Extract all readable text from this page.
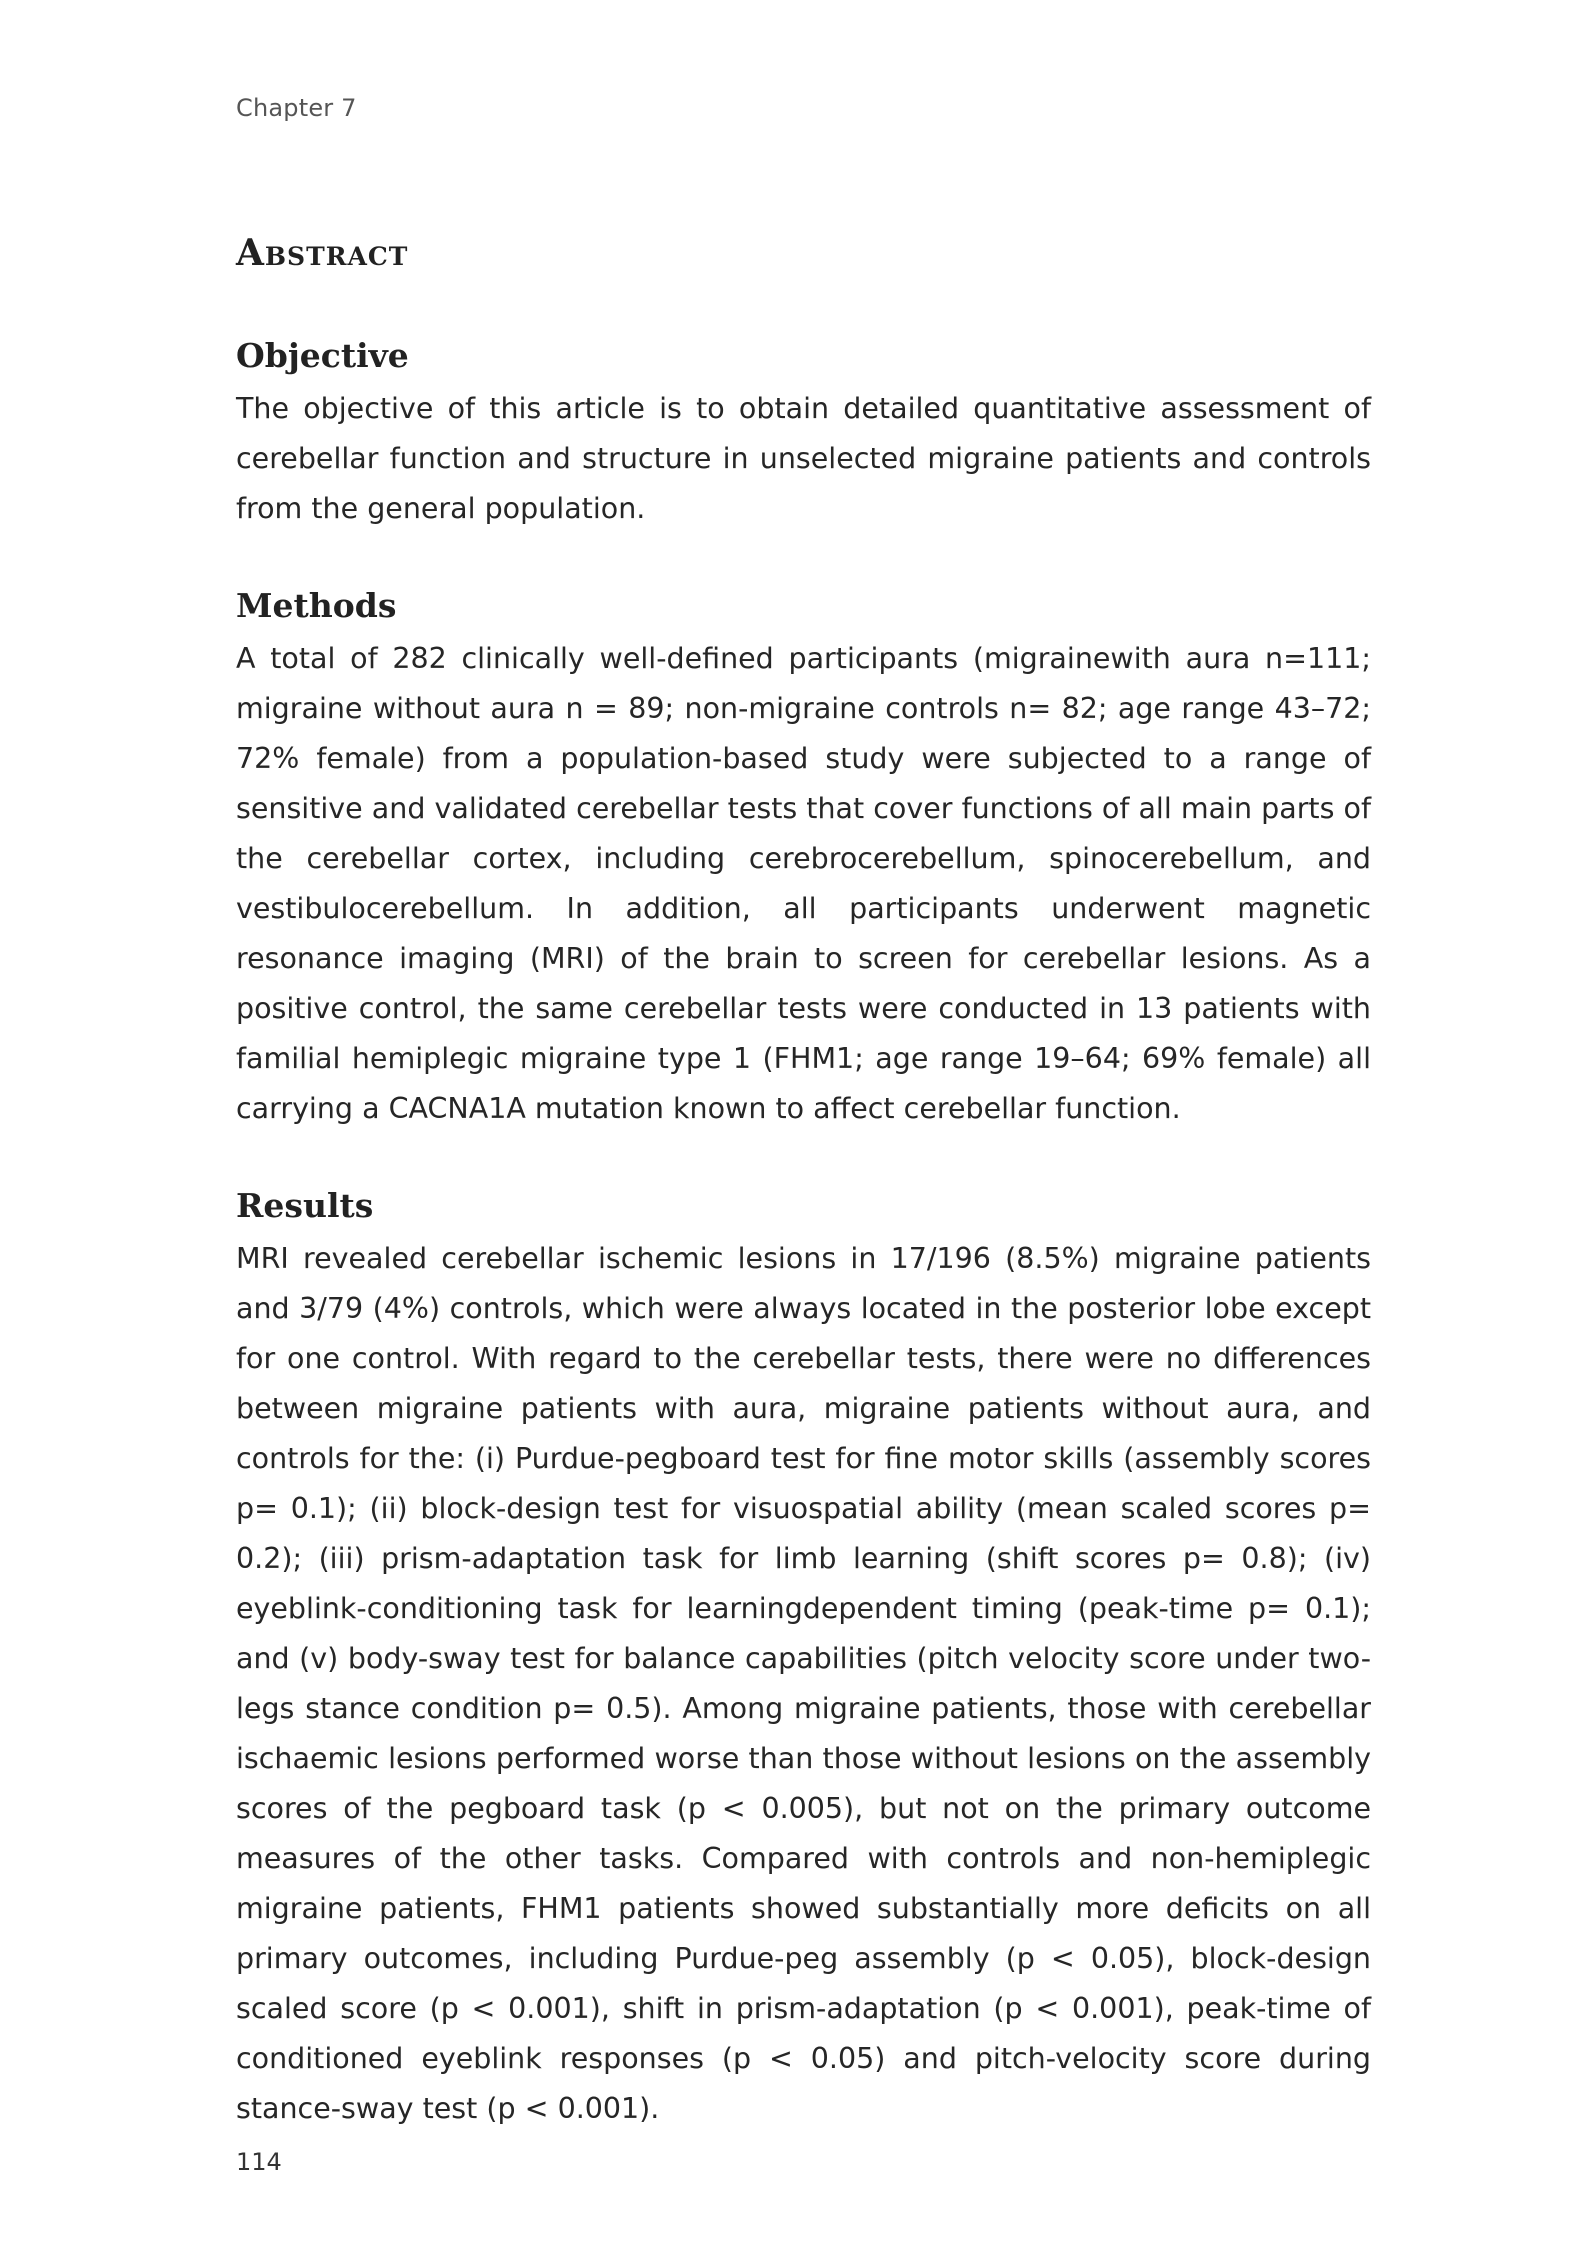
Chapter 7
Abstract
Objective

The objective of this article is to obtain detailed quantitative assessment of cerebellar function and structure in unselected migraine patients and controls from the general population.

Methods

A total of 282 clinically well-defined participants (migrainewith aura n=111; migraine without aura n = 89; non-migraine controls n= 82; age range 43–72; 72% female) from a population-based study were subjected to a range of sensitive and validated cerebellar tests that cover functions of all main parts of the cerebellar cortex, including cerebrocerebellum, spinocerebellum, and vestibulocerebellum. In addition, all participants underwent magnetic resonance imaging (MRI) of the brain to screen for cerebellar lesions. As a positive control, the same cerebellar tests were conducted in 13 patients with familial hemiplegic migraine type 1 (FHM1; age range 19–64; 69% female) all carrying a CACNA1A mutation known to affect cerebellar function.

Results

MRI revealed cerebellar ischemic lesions in 17/196 (8.5%) migraine patients and 3/79 (4%) controls, which were always located in the posterior lobe except for one control. With regard to the cerebellar tests, there were no differences between migraine patients with aura, migraine patients without aura, and controls for the: (i) Purdue-pegboard test for fine motor skills (assembly scores p= 0.1); (ii) block-design test for visuospatial ability (mean scaled scores p= 0.2); (iii) prism-adaptation task for limb learning (shift scores p= 0.8); (iv) eyeblink-conditioning task for learningdependent timing (peak-time p= 0.1); and (v) body-sway test for balance capabilities (pitch velocity score under two-legs stance condition p= 0.5). Among migraine patients, those with cerebellar ischaemic lesions performed worse than those without lesions on the assembly scores of the pegboard task (p < 0.005), but not on the primary outcome measures of the other tasks. Compared with controls and non-hemiplegic migraine patients, FHM1 patients showed substantially more deficits on all primary outcomes, including Purdue-peg assembly (p < 0.05), block-design scaled score (p < 0.001), shift in prism-adaptation (p < 0.001), peak-time of conditioned eyeblink responses (p < 0.05) and pitch-velocity score during stance-sway test (p < 0.001).

114
